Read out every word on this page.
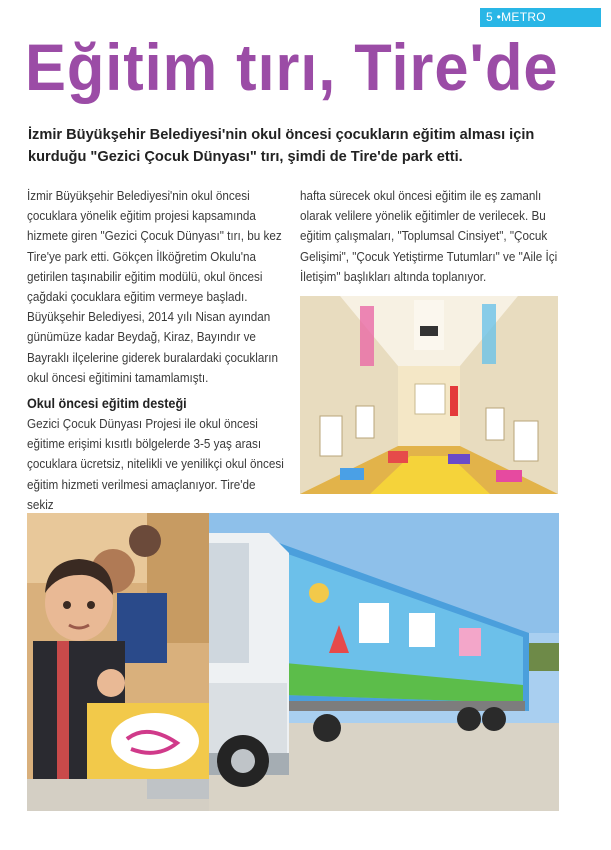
5 •METRO
Eğitim tırı, Tire'de
İzmir Büyükşehir Belediyesi'nin okul öncesi çocukların eğitim alması için kurduğu "Gezici Çocuk Dünyası" tırı, şimdi de Tire'de park etti.

İzmir Büyükşehir Belediyesi'nin okul öncesi çocuklara yönelik eğitim projesi kapsamında hizmete giren "Gezici Çocuk Dünyası" tırı, bu kez Tire'ye park etti. Gökçen İlköğretim Okulu'na getirilen taşınabilir eğitim modülü, okul öncesi çağdaki çocuklara eğitim vermeye başladı. Büyükşehir Belediyesi, 2014 yılı Nisan ayından günümüze kadar Beydağ, Kiraz, Bayındır ve Bayraklı ilçelerine giderek buralardaki çocukların okul öncesi eğitimini tamamlamıştı.

Okul öncesi eğitim desteği

Gezici Çocuk Dünyası Projesi ile okul öncesi eğitime erişimi kısıtlı bölgelerde 3-5 yaş arası çocuklara ücretsiz, nitelikli ve yenilikçi okul öncesi eğitim hizmeti verilmesi amaçlanıyor. Tire'de sekiz

hafta sürecek okul öncesi eğitim ile eş zamanlı olarak velilere yönelik eğitimler de verilecek. Bu eğitim çalışmaları, "Toplumsal Cinsiyet", "Çocuk Gelişimi", "Çocuk Yetiştirme Tutumları" ve "Aile İçi İletişim" başlıkları altında toplanıyor.
